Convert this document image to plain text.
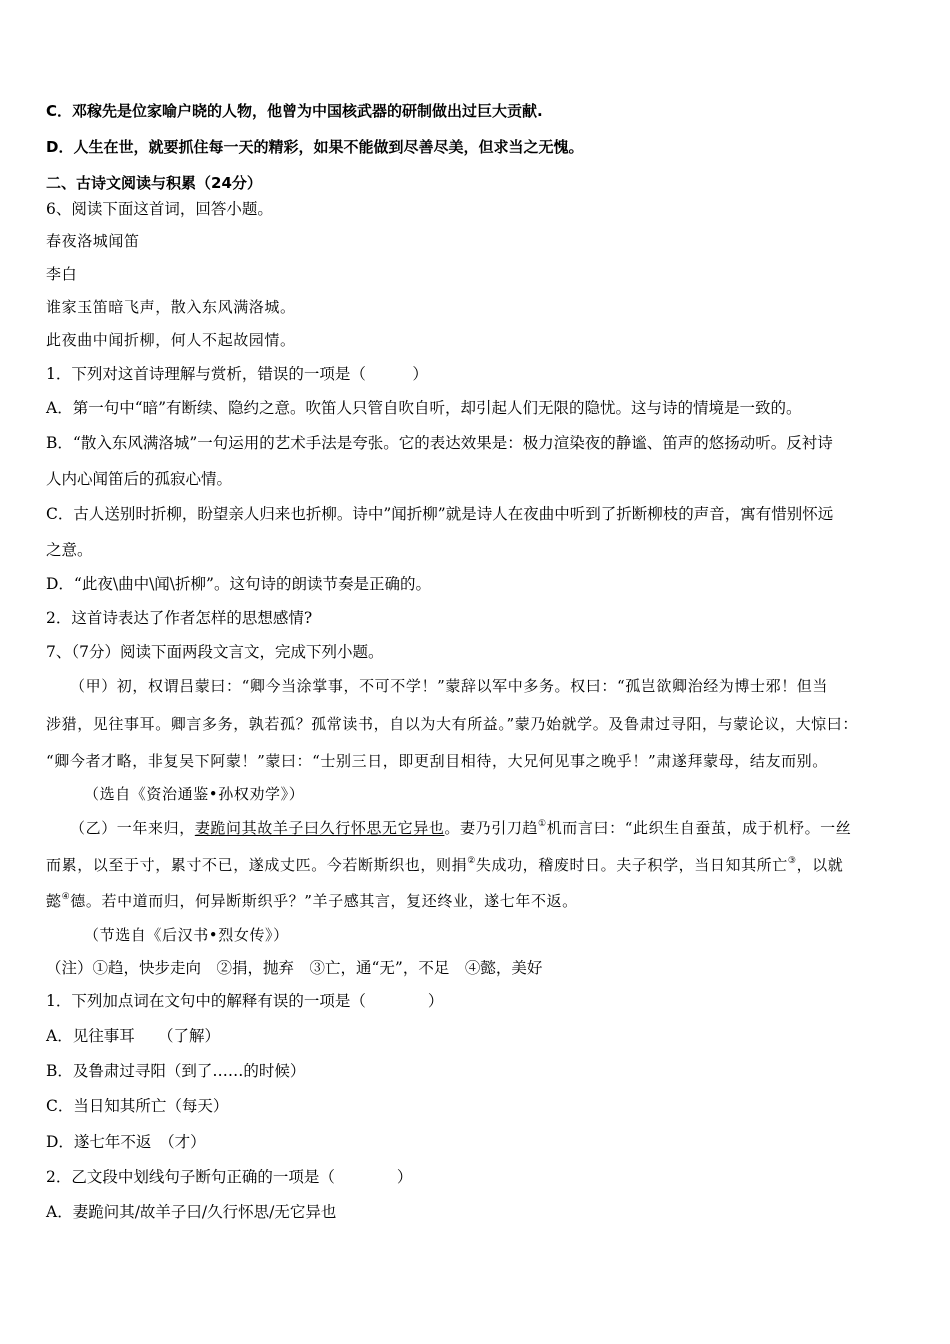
C．邓稼先是位家喻户晓的人物，他曾为中国核武器的研制做出过巨大贡献.
D．人生在世，就要抓住每一天的精彩，如果不能做到尽善尽美，但求当之无愧。
二、古诗文阅读与积累（24分）
6、阅读下面这首词，回答小题。
春夜洛城闻笛
李白
谁家玉笛暗飞声，散入东风满洛城。
此夜曲中闻折柳，何人不起故园情。
1．下列对这首诗理解与赏析，错误的一项是（　　　）
A．第一句中“暗”有断续、隐约之意。吹笛人只管自吹自听，却引起人们无限的隐忧。这与诗的情境是一致的。
B．“散入东风满洛城”一句运用的艺术手法是夸张。它的表达效果是：极力渲染夜的静谧、笛声的悠扬动听。反衬诗
人内心闻笛后的孤寂心情。
C．古人送别时折柳，盼望亲人归来也折柳。诗中”闻折柳”就是诗人在夜曲中听到了折断柳枝的声音，寓有惜别怀远
之意。
D．“此夜\曲中\闻\折柳”。这句诗的朗读节奏是正确的。
2．这首诗表达了作者怎样的思想感情?
7、（7分）阅读下面两段文言文，完成下列小题。
（甲）初，权谓吕蒙曰：“卿今当涂掌事，不可不学！”蒙辞以军中多务。权曰：“孤岂欲卿治经为博士邪！但当
涉猎，见往事耳。卿言多务，孰若孤？孤常读书，自以为大有所益。”蒙乃始就学。及鲁肃过寻阳，与蒙论议，大惊曰：
“卿今者才略，非复吴下阿蒙！”蒙曰：“士别三日，即更刮目相待，大兄何见事之晚乎！”肃遂拜蒙母，结友而别。
（选自《资治通鉴•孙权劝学》）
（乙）一年来归，妻跪问其故羊子曰久行怀思无它异也。妻乃引刀趋①机而言曰：“此织生自蚕茧，成于机杼。一丝
而累，以至于寸，累寸不已，遂成丈匹。今若断斯织也，则捐②失成功，稽废时日。夫子积学，当日知其所亡③，以就
懿④德。若中道而归，何异断斯织乎？”羊子感其言，复还终业，遂七年不返。
（节选自《后汉书•烈女传》）
（注）①趋，快步走向　②捐，抛弃　③亡，通“无”，不足　④懿，美好
1．下列加点词在文句中的解释有误的一项是（　　　　）
A．见往事耳　　（了解）
B．及鲁肃过寻阳（到了……的时候）
C．当日知其所亡（每天）
D．遂七年不返　（才）
2．乙文段中划线句子断句正确的一项是（　　　　）
A．妻跪问其/故羊子曰/久行怀思/无它异也
